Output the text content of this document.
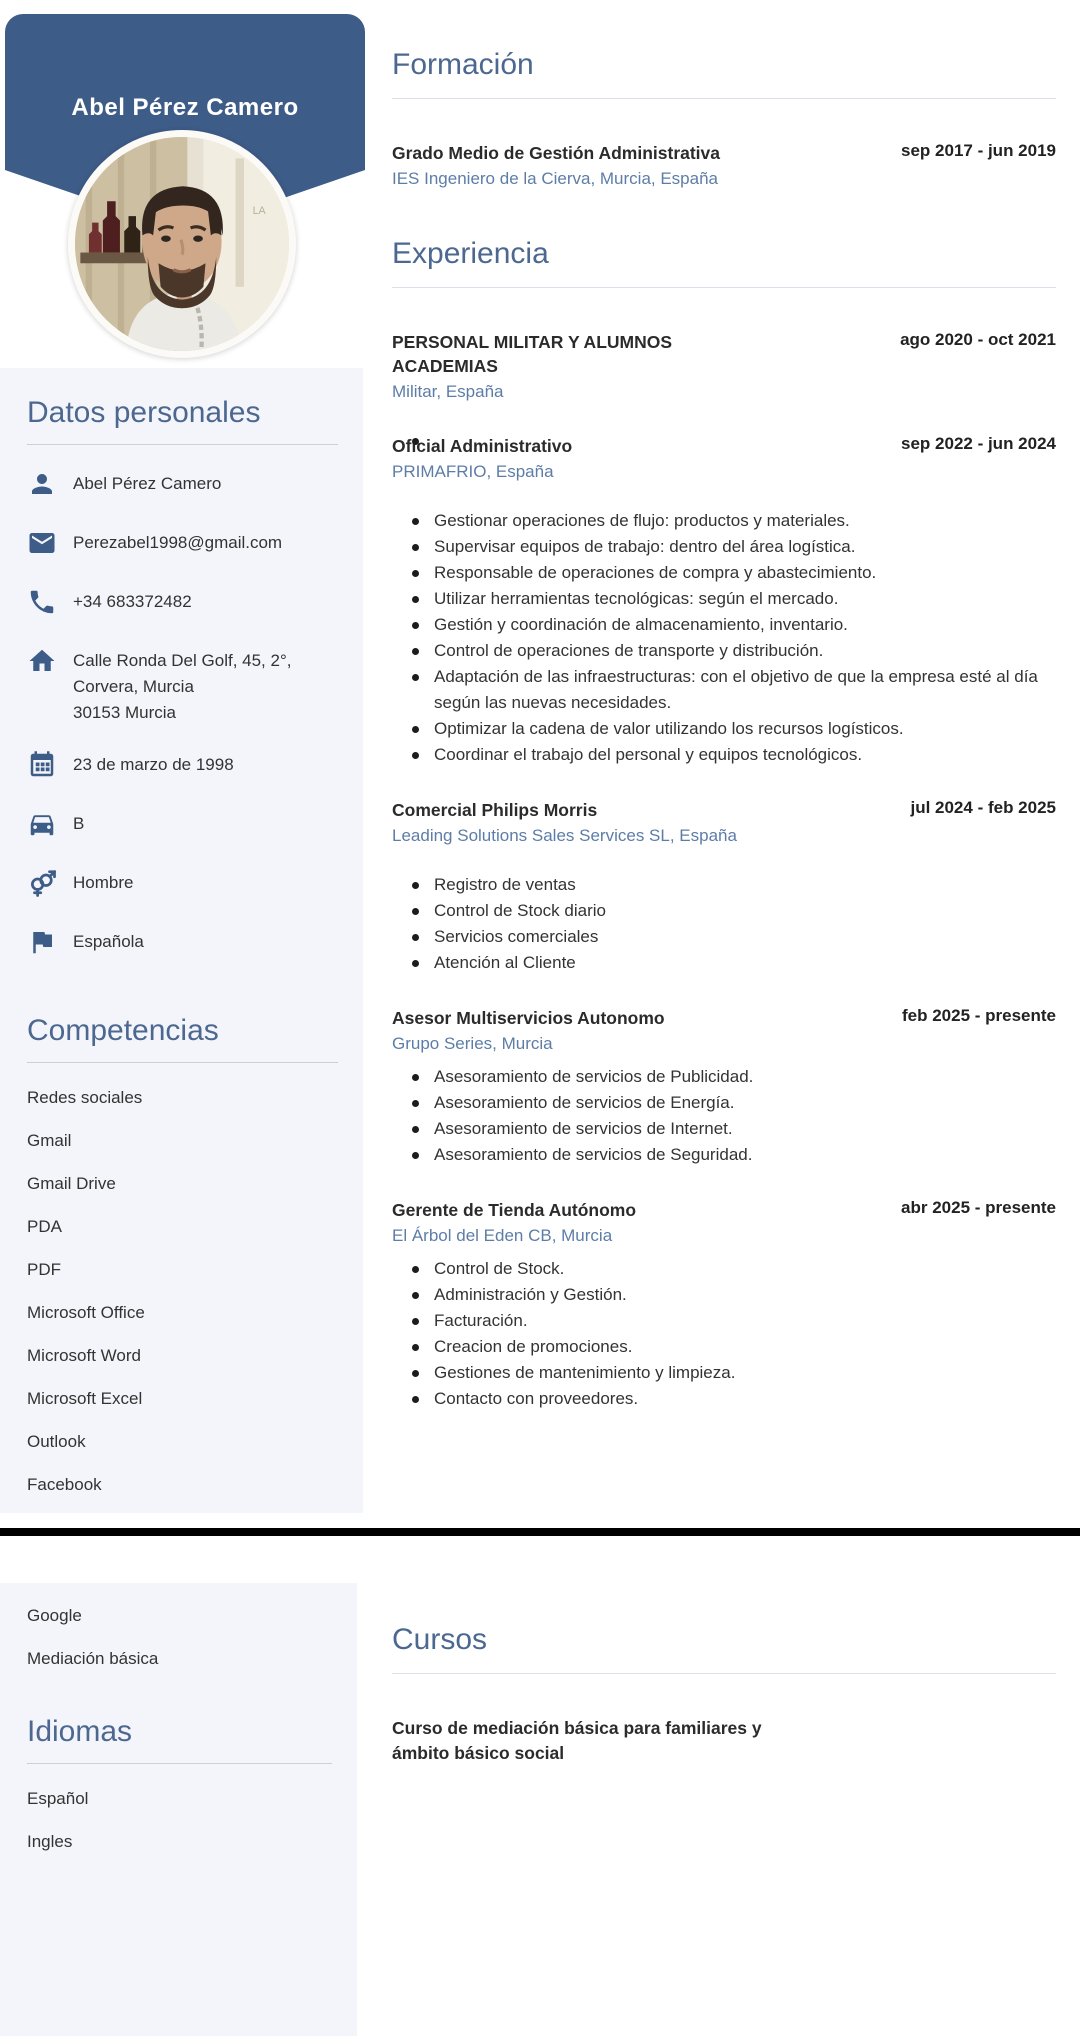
Abel Pérez Camero
LA
Datos personales
Abel Pérez Camero
Perezabel1998@gmail.com
+34 683372482
Calle Ronda Del Golf, 45, 2°,
Corvera, Murcia
30153 Murcia
23 de marzo de 1998
B
Hombre
Española
Competencias
Redes sociales
Gmail
Gmail Drive
PDA
PDF
Microsoft Office
Microsoft Word
Microsoft Excel
Outlook
Facebook
Formación
Grado Medio de Gestión Administrativa	sep 2017 - jun 2019
IES Ingeniero de la Cierva, Murcia, España
Experiencia
PERSONAL MILITAR Y ALUMNOS ACADEMIAS
ago 2020 - oct 2021
Militar, España
Oficial Administrativo	sep 2022 - jun 2024
PRIMAFRIO, España
Gestionar operaciones de flujo: productos y materiales.
Supervisar equipos de trabajo: dentro del área logística.
Responsable de operaciones de compra y abastecimiento.
Utilizar herramientas tecnológicas: según el mercado.
Gestión y coordinación de almacenamiento, inventario.
Control de operaciones de transporte y distribución.
Adaptación de las infraestructuras: con el objetivo de que la empresa esté al día según las nuevas necesidades.
Optimizar la cadena de valor utilizando los recursos logísticos.
Coordinar el trabajo del personal y equipos tecnológicos.
Comercial Philips Morris	jul 2024 - feb 2025
Leading Solutions Sales Services SL, España
Registro de ventas
Control de Stock diario
Servicios comerciales
Atención al Cliente
Asesor Multiservicios Autonomo	feb 2025 - presente
Grupo Series, Murcia
Asesoramiento de servicios de Publicidad.
Asesoramiento de servicios de Energía.
Asesoramiento de servicios de Internet.
Asesoramiento de servicios de Seguridad.
Gerente de Tienda Autónomo	abr 2025 - presente
El Árbol del Eden CB, Murcia
Control de Stock.
Administración y Gestión.
Facturación.
Creacion de promociones.
Gestiones de mantenimiento y limpieza.
Contacto con proveedores.
Google
Mediación básica
Idiomas
Español
Ingles
Cursos
Curso de mediación básica para familiares y ámbito básico social
